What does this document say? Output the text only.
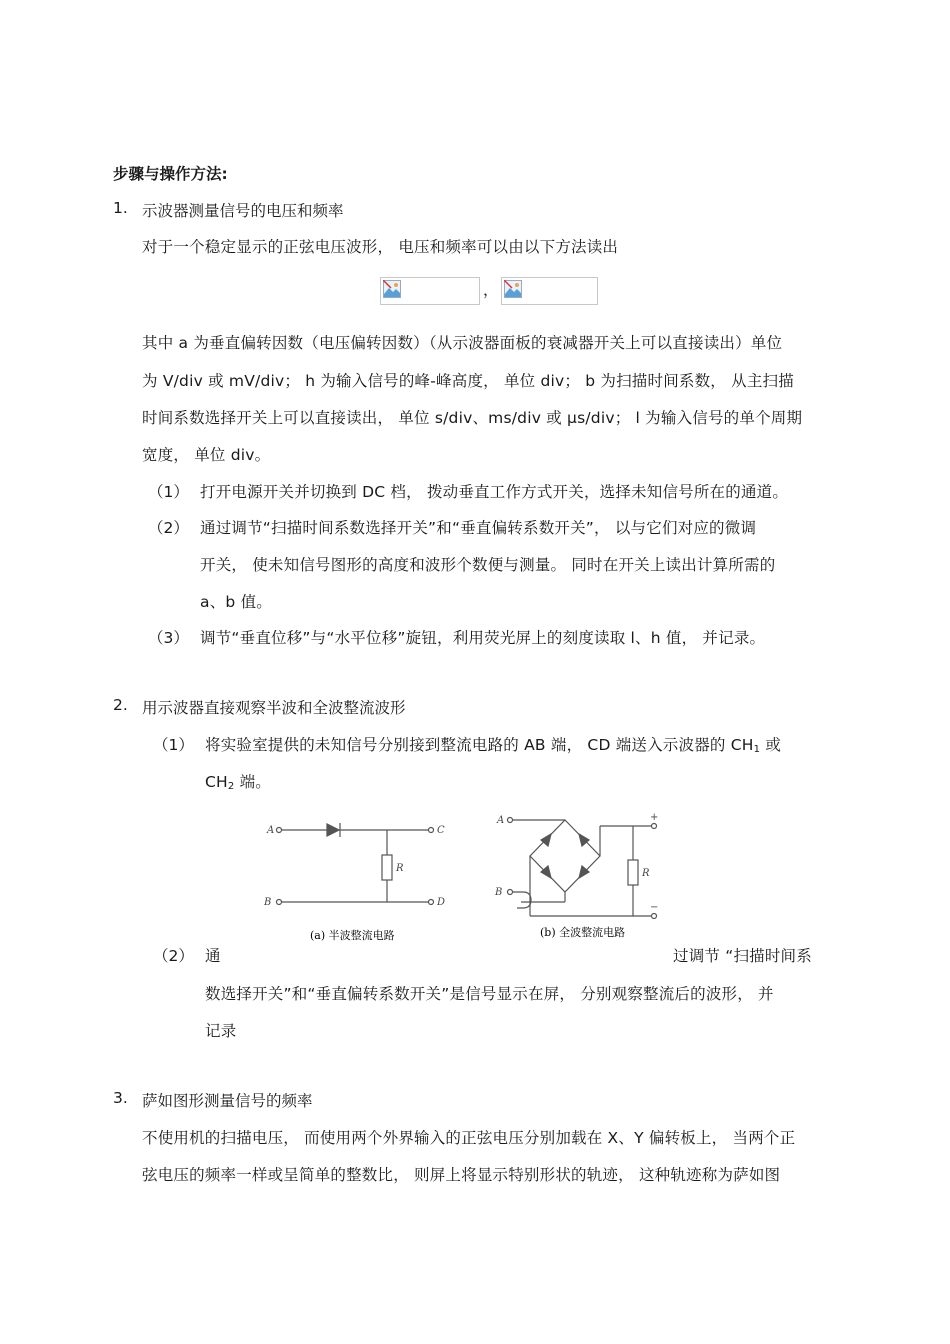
步骤与操作方法:
1. 示波器测量信号的电压和频率
对于一个稳定显示的正弦电压波形， 电压和频率可以由以下方法读出
，
其中 a 为垂直偏转因数（电压偏转因数）（从示波器面板的衰减器开关上可以直接读出）单位
为 V/div 或 mV/div； h 为输入信号的峰-峰高度， 单位 div； b 为扫描时间系数， 从主扫描
时间系数选择开关上可以直接读出， 单位 s/div、ms/div 或 μs/div； l 为输入信号的单个周期
宽度， 单位 div。
（1） 打开电源开关并切换到 DC 档， 拨动垂直工作方式开关，选择未知信号所在的通道。
（2） 通过调节“扫描时间系数选择开关”和“垂直偏转系数开关”， 以与它们对应的微调
开关， 使未知信号图形的高度和波形个数便与测量。 同时在开关上读出计算所需的
a、b 值。
（3） 调节“垂直位移”与“水平位移”旋钮，利用荧光屏上的刻度读取 l、h 值， 并记录。
2. 用示波器直接观察半波和全波整流波形
（1） 将实验室提供的未知信号分别接到整流电路的 AB 端， CD 端送入示波器的 $CH_1$ 或
$CH_2$ 端。
A
B
C
D
R
A
B
R
+
−
(a) 半波整流电路	(b) 全波整流电路
（2） 通	过调节 “扫描时间系
数选择开关”和“垂直偏转系数开关”是信号显示在屏， 分别观察整流后的波形， 并
记录
3. 萨如图形测量信号的频率
不使用机的扫描电压， 而使用两个外界输入的正弦电压分别加载在 X、Y 偏转板上， 当两个正
弦电压的频率一样或呈简单的整数比， 则屏上将显示特别形状的轨迹， 这种轨迹称为萨如图
